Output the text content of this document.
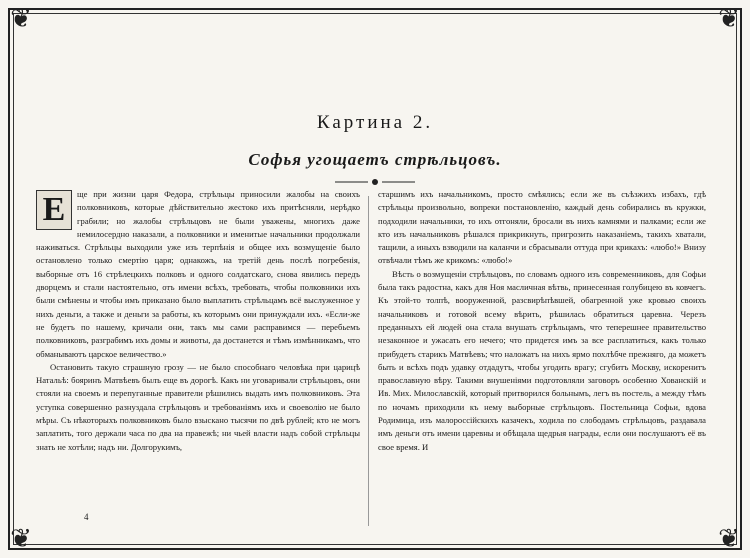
❦	❦
❦	❦
Картина 2.
Софья угощаетъ стрѣльцовъ.
Е	ще при жизни царя Федора, стрѣльцы приносили жалобы на своихъ полковниковъ, которые дѣйствительно жестоко ихъ притѣсняли, нерѣдко грабили; но жалобы стрѣльцовъ не были уважены, многихъ даже немилосердно наказали, а полковники и именитые начальники продолжали наживаться. Стрѣльцы выходили уже изъ терпѣнія и общее ихъ возмущеніе было остановлено только смертію царя; однакожъ, на третій день послѣ погребенія, выборные отъ 16 стрѣлецкихъ полковъ и одного солдатскаго, снова явились передъ дворцемъ и стали настоятельно, отъ имени всѣхъ, требовать, чтобы полковники ихъ были смѣнены и чтобы имъ приказано было выплатить стрѣльцамъ всё выслуженное у нихъ деньги, а также и деньги за работы, къ которымъ они принуждали ихъ. «Если-же не будетъ по нашему, кричали они, такъ мы сами расправимся — перебьемъ полковниковъ, разграбимъ ихъ домы и животы, да достанется и тѣмъ измѣнникамъ, что обманываютъ царское величество.»

Остановить такую страшную грозу — не было способнаго человѣка при царицѣ Натальѣ: бояринъ Матвѣевъ былъ еще въ дорогѣ. Какъ ни уговаривали стрѣльцовъ, они стояли на своемъ и перепуганные правители рѣшились выдать имъ полковниковъ. Эта уступка совершенно разнуздала стрѣльцовъ и требованіямъ ихъ и своеволію не было мѣры. Съ нѣкоторыхъ полковниковъ было взыскано тысячи по двѣ рублей; кто не могъ заплатить, того держали часа по два на правежѣ; ни чьей власти надъ собой стрѣльцы знать не хотѣли; надъ ни. Долгорукимъ,

старшимъ ихъ начальникомъ, просто смѣялись; если же въ съѣзжихъ избахъ, гдѣ стрѣльцы произвольно, вопреки постановленію, каждый день собирались въ кружки, подходили начальники, то ихъ отгоняли, бросали въ нихъ камнями и палками; если же кто изъ начальниковъ рѣшался прикрикнуть, пригрозить наказаніемъ, такихъ хватали, тащили, а иныхъ взводили на каланчи и сбрасывали оттуда при крикахъ: «любо!» Внизу отвѣчали тѣмъ же крикомъ: «любо!»

Вѣсть о возмущеніи стрѣльцовъ, по словамъ одного изъ современниковъ, для Софьи была такъ радостна, какъ для Ноя масличная вѣтвь, принесенная голубицею въ ковчегъ. Къ этой-то толпѣ, вооруженной, разсвирѣпѣвшей, обагренной уже кровью своихъ начальниковъ и готовой всему вѣрить, рѣшилась обратиться царевна. Черезъ преданныхъ ей людей она стала внушать стрѣльцамъ, что теперешнее правительство незаконное и ужасать его нечего; что придется имъ за все расплатиться, какъ только прибудетъ старикъ Матвѣевъ; что наложатъ на нихъ ярмо похлѣбче прежняго, да можетъ быть и всѣхъ подъ удавку отдадутъ, чтобы угодить врагу; сгубитъ Москву, искоренитъ православную вѣру. Такими внушеніями подготовляли заговоръ особенно Хованскій и Ив. Мих. Милославскій, который притворился больнымъ, легъ въ постель, а между тѣмъ по ночамъ приходили къ нему выборные стрѣльцовъ. Постельница Софьи, вдова Родимица, изъ малороссійскихъ казачекъ, ходила по слободамъ стрѣльцовъ, раздавала имъ деньги отъ имени царевны и обѣщала щедрыя награды, если они послушаютъ её въ свое время. И

4
